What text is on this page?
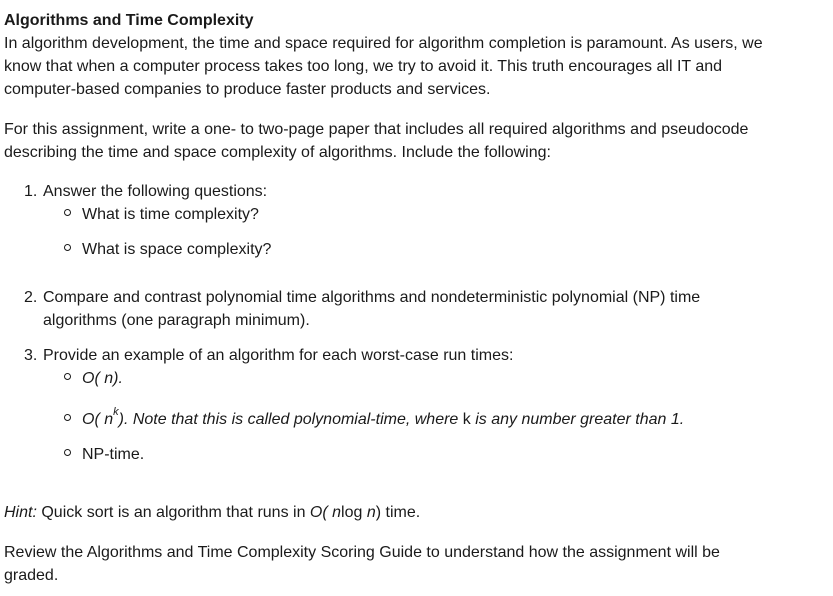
Algorithms and Time Complexity
In algorithm development, the time and space required for algorithm completion is paramount. As users, we
know that when a computer process takes too long, we try to avoid it. This truth encourages all IT and
computer-based companies to produce faster products and services.
For this assignment, write a one- to two-page paper that includes all required algorithms and pseudocode
describing the time and space complexity of algorithms. Include the following:
1. Answer the following questions:
What is time complexity?
What is space complexity?
2. Compare and contrast polynomial time algorithms and nondeterministic polynomial (NP) time
algorithms (one paragraph minimum).
3. Provide an example of an algorithm for each worst-case run times:
O( n).
O( $n^k$). Note that this is called polynomial-time, where k is any number greater than 1.
NP-time.
Hint: Quick sort is an algorithm that runs in O( nlog n) time.
Review the Algorithms and Time Complexity Scoring Guide to understand how the assignment will be
graded.
